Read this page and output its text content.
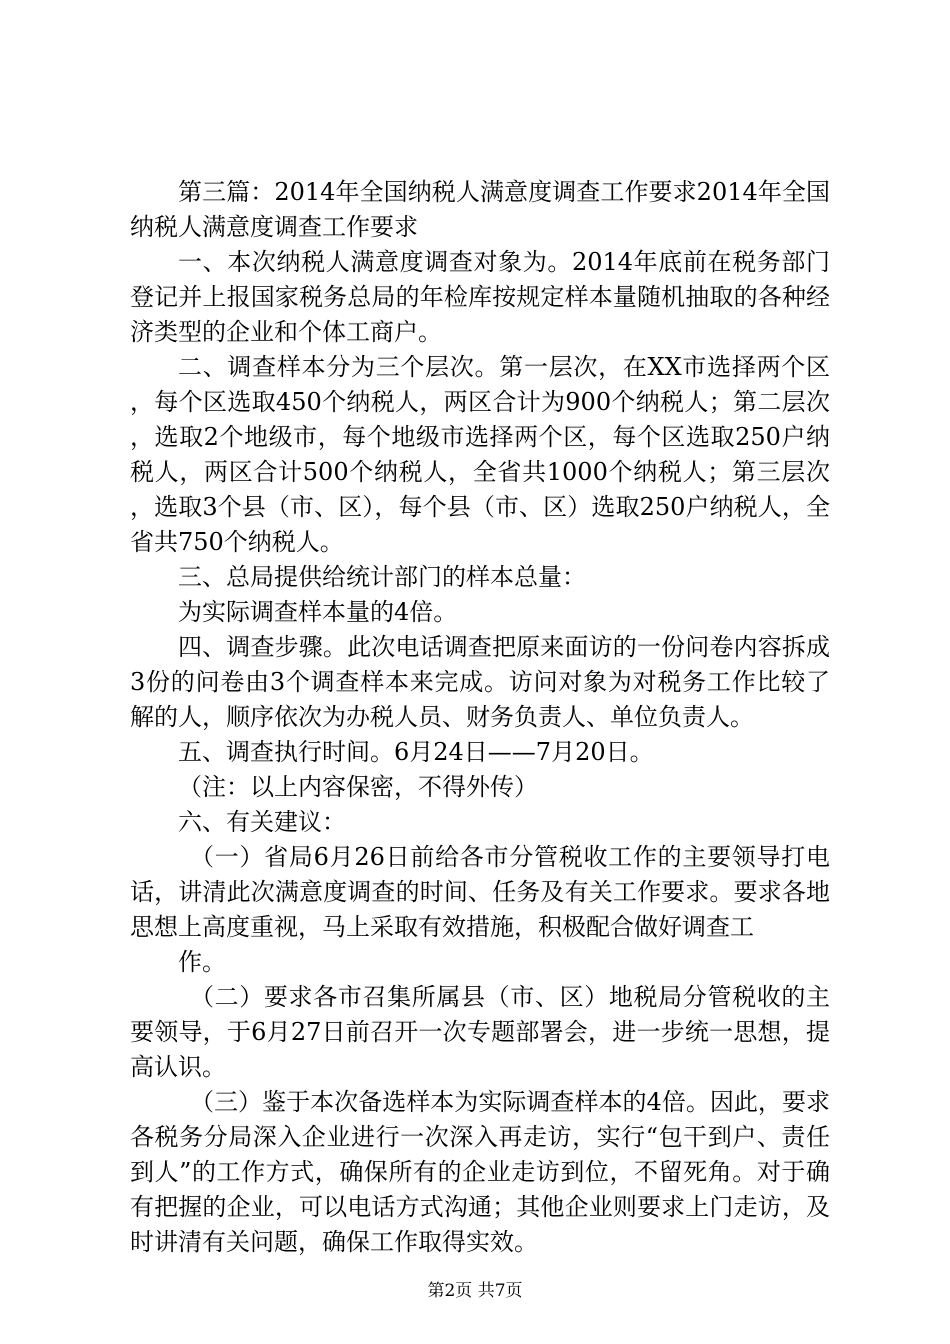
第三篇：2014年全国纳税人满意度调查工作要求2014年全国纳税人满意度调查工作要求

一、本次纳税人满意度调查对象为。2014年底前在税务部门登记并上报国家税务总局的年检库按规定样本量随机抽取的各种经济类型的企业和个体工商户。

二、调查样本分为三个层次。第一层次，在XX市选择两个区，每个区选取450个纳税人，两区合计为900个纳税人；第二层次，选取2个地级市，每个地级市选择两个区，每个区选取250户纳税人，两区合计500个纳税人，全省共1000个纳税人；第三层次，选取3个县（市、区），每个县（市、区）选取250户纳税人，全省共750个纳税人。

三、总局提供给统计部门的样本总量：

为实际调查样本量的4倍。

四、调查步骤。此次电话调查把原来面访的一份问卷内容拆成3份的问卷由3个调查样本来完成。访问对象为对税务工作比较了解的人，顺序依次为办税人员、财务负责人、单位负责人。

五、调查执行时间。6月24日——7月20日。

（注：以上内容保密，不得外传）

六、有关建议：

（一）省局6月26日前给各市分管税收工作的主要领导打电话，讲清此次满意度调查的时间、任务及有关工作要求。要求各地思想上高度重视，马上采取有效措施，积极配合做好调查工

作。

（二）要求各市召集所属县（市、区）地税局分管税收的主要领导，于6月27日前召开一次专题部署会，进一步统一思想，提高认识。

（三）鉴于本次备选样本为实际调查样本的4倍。因此，要求各税务分局深入企业进行一次深入再走访，实行“包干到户、责任到人”的工作方式，确保所有的企业走访到位，不留死角。对于确有把握的企业，可以电话方式沟通；其他企业则要求上门走访，及时讲清有关问题，确保工作取得实效。

第2页 共7页
